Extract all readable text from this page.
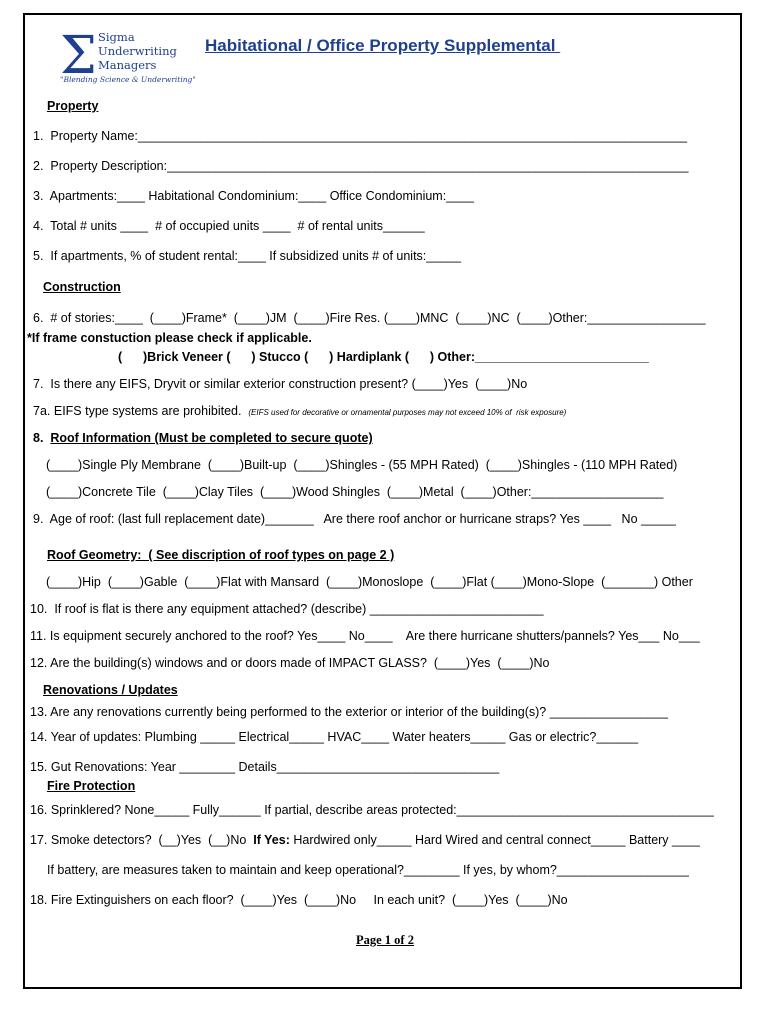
Σ Sigma
Underwriting
Managers
"Blending Science & Underwriting"
Habitational / Office Property Supplemental
Property
1.  Property Name:_______________________________________________________________________________
2.  Property Description:___________________________________________________________________________
3.  Apartments:____ Habitational Condominium:____ Office Condominium:____
4.  Total # units ____  # of occupied units ____  # of rental units______
5.  If apartments, % of student rental:____ If subsidized units # of units:_____
Construction
6.  # of stories:____  (____)Frame*  (____)JM  (____)Fire Res. (____)MNC  (____)NC  (____)Other:_________________
*If frame constuction please check if applicable.
(      )Brick Veneer (      ) Stucco (      ) Hardiplank (      ) Other:_________________________
7.  Is there any EIFS, Dryvit or similar exterior construction present? (____)Yes  (____)No
7a. EIFS type systems are prohibited.  (EIFS used for decorative or ornamental purposes may not exceed 10% of  risk exposure)
8.  Roof Information (Must be completed to secure quote)
(____)Single Ply Membrane  (____)Built-up  (____)Shingles - (55 MPH Rated)  (____)Shingles - (110 MPH Rated)
(____)Concrete Tile  (____)Clay Tiles  (____)Wood Shingles  (____)Metal  (____)Other:___________________
9.  Age of roof: (last full replacement date)_______   Are there roof anchor or hurricane straps? Yes ____   No _____
Roof Geometry:  ( See discription of roof types on page 2 )
(____)Hip  (____)Gable  (____)Flat with Mansard  (____)Monoslope  (____)Flat (____)Mono-Slope  (_______) Other
10.  If roof is flat is there any equipment attached? (describe) _________________________
11. Is equipment securely anchored to the roof? Yes____ No____    Are there hurricane shutters/pannels? Yes___ No___
12. Are the building(s) windows and or doors made of IMPACT GLASS?  (____)Yes  (____)No
Renovations / Updates
13. Are any renovations currently being performed to the exterior or interior of the building(s)? _________________
14. Year of updates: Plumbing _____ Electrical_____ HVAC____ Water heaters_____ Gas or electric?______
15. Gut Renovations: Year ________ Details________________________________
Fire Protection
16. Sprinklered? None_____ Fully______ If partial, describe areas protected:_____________________________________
17. Smoke detectors?  (__)Yes  (__)No  If Yes: Hardwired only_____ Hard Wired and central connect_____ Battery ____
If battery, are measures taken to maintain and keep operational?________ If yes, by whom?___________________
18. Fire Extinguishers on each floor?  (____)Yes  (____)No     In each unit?  (____)Yes  (____)No
Page 1 of 2
